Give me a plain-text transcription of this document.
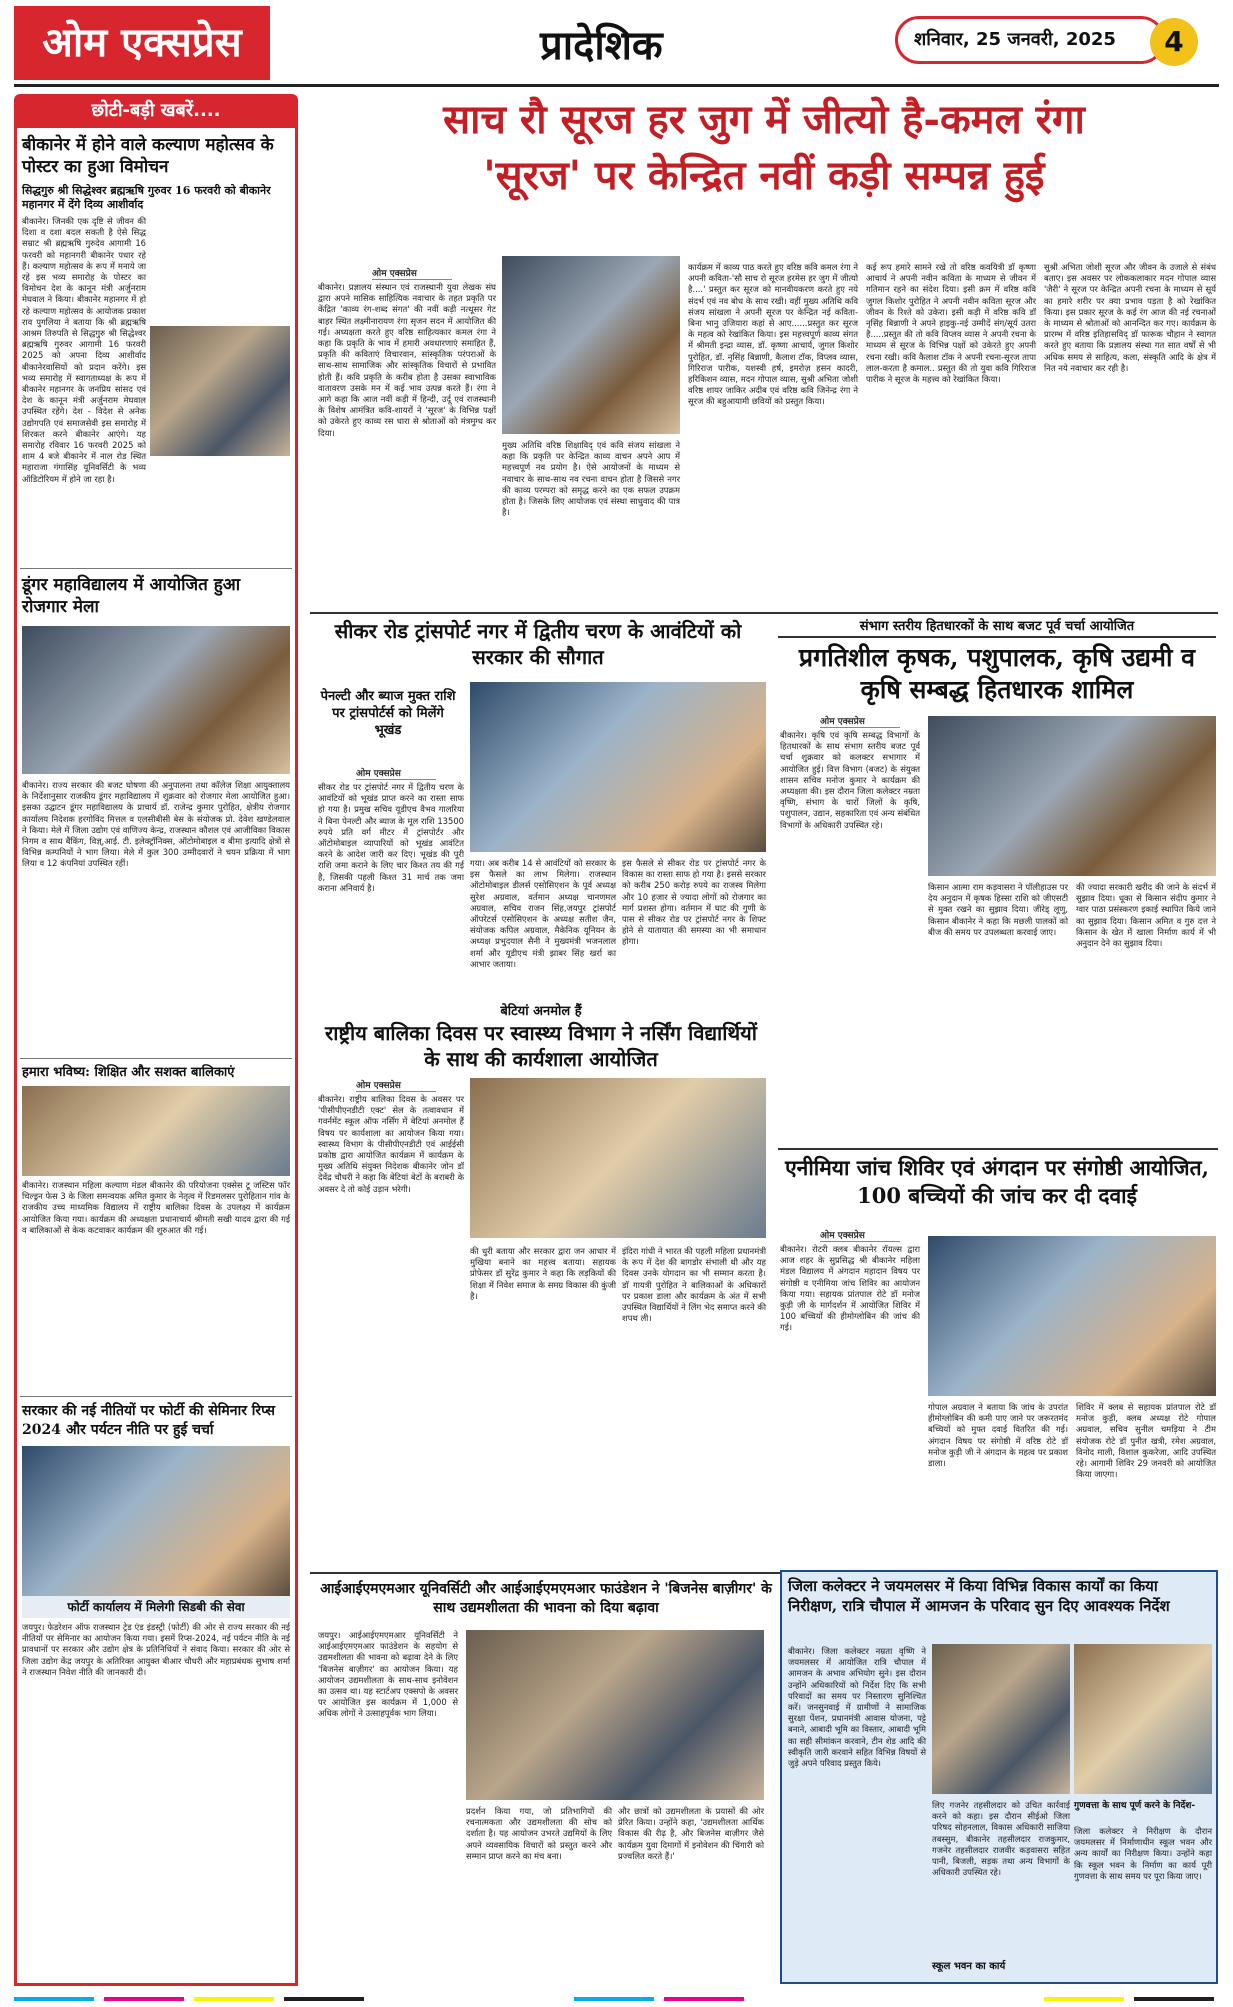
ओम एक्सप्रेस	प्रादेशिक	शनिवार, 25 जनवरी, 2025	4
छोटी-बड़ी खबरें....
बीकानेर में होने वाले कल्याण महोत्सव के पोस्टर का हुआ विमोचन
सिद्धगुरु श्री सिद्धेश्वर ब्रह्मऋषि गुरुवर 16 फरवरी को बीकानेर महानगर में देंगे दिव्य आशीर्वाद
बीकानेर। जिनकी एक दृष्टि से जीवन की दिशा व दशा बदल सकती है ऐसे सिद्ध सम्राट श्री ब्रह्मऋषि गुरुदेव आगामी 16 फरवरी को महानगरी बीकानेर पधार रहे हैं। कल्याण महोत्सव के रूप में मनाये जा रहे इस भव्य समारोह के पोस्टर का विमोचन देश के कानून मंत्री अर्जुनराम मेघवाल ने किया। बीकानेर महानगर में हो रहे कल्याण महोत्सव के आयोजक प्रकाश राव पुगलिया ने बताया कि श्री ब्रह्मऋषि आश्रम तिरुपति से सिद्धगुरु श्री सिद्धेश्वर ब्रह्मऋषि गुरुवर आगामी 16 फरवरी 2025 को अपना दिव्य आशीर्वाद बीकानेरवासियों को प्रदान करेंगे। इस भव्य समारोह में स्वागताध्यक्ष के रूप में बीकानेर महानगर के जनप्रिय सांसद एवं देश के कानून मंत्री अर्जुनराम मेघवाल उपस्थित रहेंगे। देश - विदेश से अनेक उद्योगपति एवं समाजसेवी इस समारोह में शिरकत करने बीकानेर आएंगे। यह समारोह रविवार 16 फरवरी 2025 को शाम 4 बजे बीकानेर में नाल रोड स्थित महाराजा गंगासिंह यूनिवर्सिटी के भव्य ऑडिटोरियम में होने जा रहा है।
डूंगर महाविद्यालय में आयोजित हुआ रोजगार मेला
बीकानेर। राज्य सरकार की बजट घोषणा की अनुपालना तथा कॉलेज शिक्षा आयुक्तालय के निर्देशानुसार राजकीय डूंगर महाविद्यालय में शुक्रवार को रोजगार मेला आयोजित हुआ। इसका उद्घाटन डूंगर महाविद्यालय के प्राचार्य डॉ. राजेन्द्र कुमार पुरोहित, क्षेत्रीय रोजगार कार्यालय निदेशक हरगोविंद मित्तल व एलसीबीसी बेस के संयोजक प्रो. देवेश खण्डेलवाल ने किया। मेले में जिला उद्योग एवं वाणिज्य केन्द्र, राजस्थान कौशल एवं आजीविका विकास निगम व साथ बैंकिंग, विज्ञ्,आई. टी. इलेक्ट्रॉनिक्स, ऑटोमोबाइल व बीमा इत्यादि क्षेत्रों से विभिन्न कम्पनियों ने भाग लिया। मेले में कुल 300 उम्मीदवारों ने चयन प्रक्रिया में भाग लिया व 12 कंपनियां उपस्थित रहीं।
हमारा भविष्य: शिक्षित और सशक्त बालिकाएं
बीकानेर। राजस्थान महिला कल्याण मंडल बीकानेर की परियोजना एक्सेस टू जस्टिस फॉर चिल्ड्रन फेस 3 के जिला समन्वयक अमित कुमार के नेतृत्व में रिडमलसर पुरोहितान गांव के राजकीय उच्च माध्यमिक विद्यालय में राष्ट्रीय बालिका दिवस के उपलक्ष्य में कार्यक्रम आयोजित किया गया। कार्यक्रम की अध्यक्षता प्रधानाचार्य श्रीमती सखी यादव द्वारा की गई व बालिकाओं से केक कटवाकर कार्यक्रम की शुरुआत की गई।
सरकार की नई नीतियों पर फोर्टी की सेमिनार रिप्स 2024 और पर्यटन नीति पर हुई चर्चा
फोर्टी कार्यालय में मिलेगी सिडबी की सेवा
जयपुर। फेडरेशन ऑफ राजस्थान ट्रेड एंड इंडस्ट्री (फोर्टी) की ओर से राज्य सरकार की नई नीतियों पर सेमिनार का आयोजन किया गया। इसमें रिप्स-2024, नई पर्यटन नीति के नई प्रावधानों पर सरकार और उद्योग क्षेत्र के प्रतिनिधियों ने संवाद किया। सरकार की ओर से जिला उद्योग केंद्र जयपुर के अतिरिक्त आयुक्त बीआर चौधरी और महाप्रबंधक सुभाष शर्मा ने राजस्थान निवेश नीति की जानकारी दी।
साच रौ सूरज हर जुग में जीत्यो है-कमल रंगा
'सूरज' पर केन्द्रित नवीं कड़ी सम्पन्न हुई
ओम एक्सप्रेस
बीकानेर। प्रज्ञालय संस्थान एवं राजस्थानी युवा लेखक संघ द्वारा अपने मासिक साहित्यिक नवाचार के तहत प्रकृति पर केंद्रित 'काव्य रंग-शब्द संगत' की नवीं कड़ी नत्थूसर गेट बाहर स्थित लक्ष्मीनारायण रंगा सृजन सदन में आयोजित की गई। अध्यक्षता करते हुए वरिष्ठ साहित्यकार कमल रंगा ने कहा कि प्रकृति के भाव में हमारी अवधारणाएं समाहित हैं, प्रकृति की कविताएं विचारवान, सांस्कृतिक परंपराओं के साथ-साथ सामाजिक और सांस्कृतिक विचारों से प्रभावित होती हैं। कवि प्रकृति के करीब होता है उसका स्वाभाविक वातावरण उसके मन में कई भाव उत्पन्न करते हैं। रंगा ने आगे कहा कि आज नवीं कड़ी में हिन्दी, उर्दू एवं राजस्थानी के विशेष आमंत्रित कवि-शायरों ने 'सूरज' के विभिन्न पक्षों को उकेरते हुए काव्य रस धारा से श्रोताओं को मंत्रमुग्ध कर दिया।
मुख्य अतिथि वरिष्ठ शिक्षाविद् एवं कवि संजय सांखला ने कहा कि प्रकृति पर केन्द्रित काव्य वाचन अपने आप में महत्त्वपूर्ण नव प्रयोग है। ऐसे आयोजनों के माध्यम से नवाचार के साथ-साथ नव रचना वाचन होता है जिससे नगर की काव्य परम्परा को समृद्ध करने का एक सफल उपक्रम होता है। जिसके लिए आयोजक एवं संस्था साधुवाद की पात्र है।
कार्यक्रम में काव्य पाठ करते हुए वरिष्ठ कवि कमल रंगा ने अपनी कविता-'सौ साच रो सूरज हरमेस हर जुग में जीत्यो है....' प्रस्तुत कर सूरज को मानवीयकरण करते हुए नये संदर्भ एवं नव बोध के साथ रखी। वहीं मुख्य अतिथि कवि संजय सांखला ने अपनी सूरज पर केन्द्रित नई कविता-बिना भानु उजियारा कहां से आए......प्रस्तुत कर सूरज के महत्व को रेखांकित किया। इस महत्त्वपूर्ण काव्य संगत में श्रीमती इन्द्रा व्यास, डॉ. कृष्णा आचार्य, जुगल किशोर पुरोहित, डॉ. नृसिंह बिन्नाणी, कैलाश टॉक, विप्लव व्यास, गिरिराज पारीक, यशस्वी हर्ष, इमरोज़ हसन कादरी, हरिकिशन व्यास, मदन गोपाल व्यास, सुश्री अभिता जोशी वरिष्ठ शायर जाकिर अदीब एवं वरिष्ठ कवि जिनेन्द्र रंगा ने सूरज की बहुआयामी छवियों को प्रस्तुत किया।
कई रूप हमारे सामने रखे तो वरिष्ठ कवयित्री डॉ कृष्णा आचार्य ने अपनी नवीन कविता के माध्यम से जीवन में गतिमान रहने का संदेश दिया। इसी क्रम में वरिष्ठ कवि जुगल किशोर पुरोहित ने अपनी नवीन कविता सूरज और जीवन के रिश्ते को उकेरा। इसी कड़ी में वरिष्ठ कवि डॉ नृसिंह बिन्नाणी ने अपने हाइकु-नई उम्मीदें संग/सूर्य उतरा है.....प्रस्तुत की तो कवि विप्लव व्यास ने अपनी रचना के माध्यम से सूरज के विभिन्न पक्षों को उकेरते हुए अपनी रचना रखी। कवि कैलाश टॉक ने अपनी रचना-सूरज तापा लाल-करता है कमाल.. प्रस्तुत की तो युवा कवि गिरिराज पारीक ने सूरज के महत्त्व को रेखांकित किया।
सुश्री अभिता जोशी सूरज और जीवन के उजाले से संबंध बताए। इस अवसर पर लोककलाकार मदन गोपाल व्यास 'जैरी' ने सूरज पर केन्द्रित अपनी रचना के माध्यम से सूर्य का हमारे शरीर पर क्या प्रभाव पड़ता है को रेखांकित किया। इस प्रकार सूरज के कई रंग आज की नई रचनाओं के माध्यम से श्रोताओं को आनन्दित कर गए। कार्यक्रम के प्रारम्भ में वरिष्ठ इतिहासविद् डॉ फारूक चौहान ने स्वागत करते हुए बताया कि प्रज्ञालय संस्था गत सात वर्षों से भी अधिक समय से साहित्य, कला, संस्कृति आदि के क्षेत्र में नित नये नवाचार कर रही है।
सीकर रोड ट्रांसपोर्ट नगर में द्वितीय चरण के आवंटियों को सरकार की सौगात
पेनल्टी और ब्याज मुक्त राशि पर ट्रांसपोर्टर्स को मिलेंगे भूखंड
ओम एक्सप्रेस
सीकर रोड पर ट्रांसपोर्ट नगर में द्वितीय चरण के आवंटियों को भूखंड प्राप्त करने का रास्ता साफ हो गया है। प्रमुख सचिव यूडीएच वैभव गालरिया ने बिना पेनल्टी और ब्याज के मूल राशि 13500 रुपये प्रति वर्ग मीटर में ट्रांसपोर्टर और ऑटोमोबाइल व्यापारियों को भूखंड आवंटित करने के आदेश जारी कर दिए। भूखंड की पूरी राशि जमा कराने के लिए चार किश्त तय की गई है, जिसकी पहली किश्त 31 मार्च तक जमा कराना अनिवार्य है।
गया। अब करीब 14 से आवंटियों को सरकार के इस फैसले का लाभ मिलेगा। राजस्थान ऑटोमोबाइल डीलर्स एसोसिएशन के पूर्व अध्यक्ष सुरेश अग्रवाल, वर्तमान अध्यक्ष चानणमल अग्रवाल, सचिव राजन सिंह,जयपुर ट्रांसपोर्ट ऑपरेटर्स एसोसिएशन के अध्यक्ष सतीश जैन, संयोजक कपिल अग्रवाल, मैकेनिक यूनियन के अध्यक्ष प्रभुदयाल सैनी ने मुख्यमंत्री भजनलाल शर्मा और यूडीएच मंत्री झाबर सिंह खर्रा का आभार जताया।
इस फैसले से सीकर रोड पर ट्रांसपोर्ट नगर के विकास का रास्ता साफ हो गया है। इससे सरकार को करीब 250 करोड़ रुपये का राजस्व मिलेगा और 10 हजार से ज्यादा लोगों को रोजगार का मार्ग प्रशस्त होगा। वर्तमान में घाट की गुणी के पास से सीकर रोड पर ट्रांसपोर्ट नगर के शिफ्ट होने से यातायात की समस्या का भी समाधान होगा।
बेटियां अनमोल हैं
राष्ट्रीय बालिका दिवस पर स्वास्थ्य विभाग ने नर्सिंग विद्यार्थियों के साथ की कार्यशाला आयोजित
ओम एक्सप्रेस
बीकानेर। राष्ट्रीय बालिका दिवस के अवसर पर 'पीसीपीएनडीटी एक्ट' सेल के तत्वावधान में गवर्नमेंट स्कूल ऑफ नर्सिंग में बेटियां अनमोल हैं विषय पर कार्यशाला का आयोजन किया गया। स्वास्थ्य विभाग के पीसीपीएनडीटी एवं आईईसी प्रकोष्ठ द्वारा आयोजित कार्यक्रम में कार्यक्रम के मुख्य अतिथि संयुक्त निदेशक बीकानेर जोन डॉ देवेंद्र चौधरी ने कहा कि बेटियां बेटों के बराबरी के अवसर दे तो कोई उड़ान भरेगी।
की धुरी बताया और सरकार द्वारा जन आधार में मुखिया बनाने का महत्त्व बताया। सहायक प्रोफेसर डॉ सुरेंद्र कुमार ने कहा कि लड़कियों की शिक्षा में निवेश समाज के समग्र विकास की कुंजी है।
इंदिरा गांधी ने भारत की पहली महिला प्रधानमंत्री के रूप में देश की बागडोर संभाली थी और यह दिवस उनके योगदान का भी सम्मान करता है। डॉ गायत्री पुरोहित ने बालिकाओं के अधिकारों पर प्रकाश डाला और कार्यक्रम के अंत में सभी उपस्थित विद्यार्थियों ने लिंग भेद समाप्त करने की शपथ ली।
आईआईएमएमआर यूनिवर्सिटी और आईआईएमएमआर फाउंडेशन ने 'बिजनेस बाज़ीगर' के साथ उद्यमशीलता की भावना को दिया बढ़ावा
जयपुर। आईआईएमएमआर यूनिवर्सिटी ने आईआईएमएमआर फाउंडेशन के सहयोग से उद्यमशीलता की भावना को बढ़ावा देने के लिए 'बिजनेस बाज़ीगर' का आयोजन किया। यह आयोजन उद्यमशीलता के साथ-साथ इनोवेशन का उत्सव था। यह स्टार्टअप एक्सपो के अवसर पर आयोजित इस कार्यक्रम में 1,000 से अधिक लोगों ने उत्साहपूर्वक भाग लिया।
प्रदर्शन किया गया, जो प्रतिभागियों की रचनात्मकता और उद्यमशीलता की सोच को दर्शाता है। यह आयोजन उभरते उद्यमियों के लिए अपने व्यवसायिक विचारों को प्रस्तुत करने और सम्मान प्राप्त करने का मंच बना।
और छात्रों को उद्यमशीलता के प्रयासों की ओर प्रेरित किया। उन्होंने कहा, 'उद्यमशीलता आर्थिक विकास की रीढ़ है, और बिजनेस बाज़ीगर जैसे कार्यक्रम युवा दिमागों में इनोवेशन की चिंगारी को प्रज्वलित करते हैं।'
संभाग स्तरीय हितधारकों के साथ बजट पूर्व चर्चा आयोजित
प्रगतिशील कृषक, पशुपालक, कृषि उद्यमी व कृषि सम्बद्ध हितधारक शामिल
ओम एक्सप्रेस
बीकानेर। कृषि एवं कृषि सम्बद्ध विभागों के हितधारकों के साथ संभाग स्तरीय बजट पूर्व चर्चा शुक्रवार को कलक्टर सभागार में आयोजित हुई। वित्त विभाग (बजट) के संयुक्त शासन सचिव मनोज कुमार ने कार्यक्रम की अध्यक्षता की। इस दौरान जिला कलेक्टर नम्रता वृष्णि, संभाग के चारों जिलों के कृषि, पशुपालन, उद्यान, सहकारिता एवं अन्य संबंधित विभागों के अधिकारी उपस्थित रहे।
किसान आत्मा राम कड़वासरा ने पॉलीहाउस पर देय अनुदान में कृषक हिस्सा राशि को जीएसटी से मुक्त रखने का सुझाव दिया। जीरेड् लूणु, किसान बीकानेर ने कहा कि मछली पालकों को बीज की समय पर उपलब्धता करवाई जाए।
की ज्यादा सरकारी खरीद की जाने के संदर्भ में सुझाव दिया। धूका से किसान संदीप कुमार ने ग्वार पाठा प्रसंस्करण इकाई स्थापित किये जाने का सुझाव दिया। किसान अमित व गुरु दत्त ने किसान के खेत में खाला निर्माण कार्य में भी अनुदान देने का सुझाव दिया।
एनीमिया जांच शिविर एवं अंगदान पर संगोष्ठी आयोजित, 100 बच्चियों की जांच कर दी दवाई
ओम एक्सप्रेस
बीकानेर। रोटरी क्लब बीकानेर रॉयल्स द्वारा आज शहर के सुप्रसिद्ध श्री बीकानेर महिला मंडल विद्यालय में अंगदान महादान विषय पर संगोष्ठी व एनीमिया जांच शिविर का आयोजन किया गया। सहायक प्रांतपाल रोटे डॉ मनोज कुड़ी जी के मार्गदर्शन में आयोजित शिविर में 100 बच्चियों की हीमोग्लोबिन की जांच की गई।
गोपाल अग्रवाल ने बताया कि जांच के उपरांत हीमोग्लोबिन की कमी पाए जाने पर जरूरतमंद बच्चियों को मुफ्त दवाई वितरित की गई। अंगदान विषय पर संगोष्ठी में वरिष्ठ रोटे डॉ मनोज कुड़ी जी ने अंगदान के महत्व पर प्रकाश डाला।
शिविर में क्लब से सहायक प्रांतपाल रोटे डॉ मनोज कुड़ी, क्लब अध्यक्ष रोटे गोपाल अग्रवाल, सचिव सुनील चमड़िया ने टीम संयोजक रोटे डॉ पुनीत खत्री, रमेश अग्रवाल, विनोद माली, विशाल कुकरेजा, आदि उपस्थित रहे। आगामी शिविर 29 जनवरी को आयोजित किया जाएगा।
जिला कलेक्टर ने जयमलसर में किया विभिन्न विकास कार्यों का किया निरीक्षण, रात्रि चौपाल में आमजन के परिवाद सुन दिए आवश्यक निर्देश
बीकानेर। जिला कलेक्टर नम्रता वृष्णि ने जयमलसर में आयोजित रात्रि चौपाल में आमजन के अभाव अभियोग सुने। इस दौरान उन्होंने अधिकारियों को निर्देश दिए कि सभी परिवादों का समय पर निस्तारण सुनिश्चित करें। जनसुनवाई में ग्रामीणों ने सामाजिक सुरक्षा पेंशन, प्रधानमंत्री आवास योजना, पट्टे बनाने, आबादी भूमि का विस्तार, आबादी भूमि का सही सीमांकन करवाने, टीन शेड आदि की स्वीकृति जारी करवाने सहित विभिन्न विषयों से जुड़े अपने परिवाद प्रस्तुत किये।
लिए गजनेर तहसीलदार को उचित कार्रवाई करने को कहा। इस दौरान सीईओ जिला परिषद सोहनलाल, विकास अधिकारी साजिया तबस्सुम, बीकानेर तहसीलदार राजकुमार, गजनेर तहसीलदार राजवीर कड़वासरा सहित पानी, बिजली, सड़क तथा अन्य विभागों के अधिकारी उपस्थित रहे।
स्कूल भवन का कार्य
गुणवत्ता के साथ पूर्ण करने के निर्देश-
जिला कलेक्टर ने निरीक्षण के दौरान जयमलसर में निर्माणाधीन स्कूल भवन और अन्य कार्यों का निरीक्षण किया। उन्होंने कहा कि स्कूल भवन के निर्माण का कार्य पूरी गुणवत्ता के साथ समय पर पूरा किया जाए।
